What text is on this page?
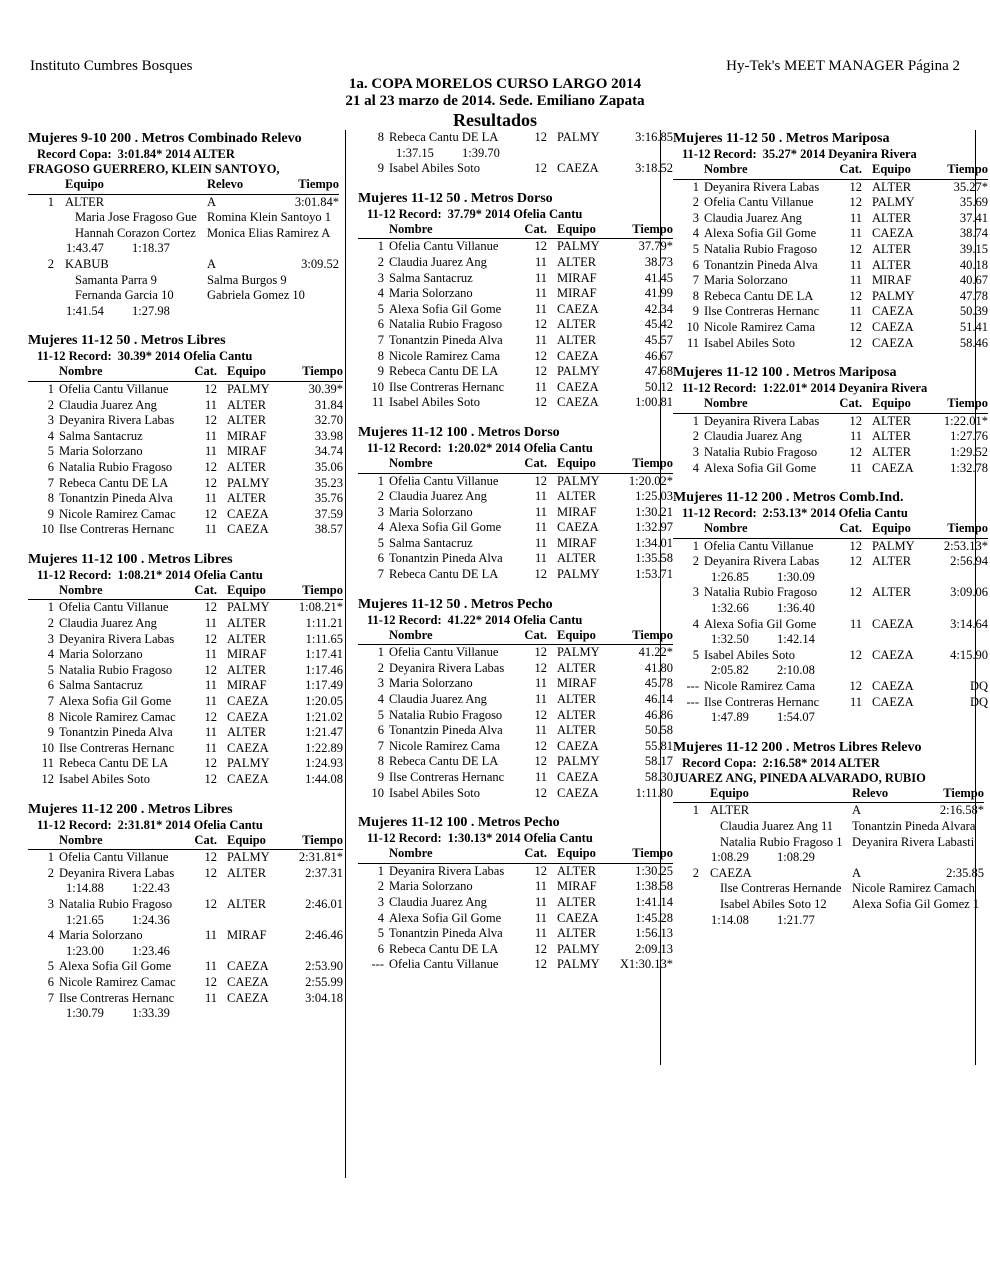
Instituto Cumbres Bosques	Hy-Tek's MEET MANAGER Página 2
1a. COPA MORELOS CURSO LARGO 2014
21 al 23 marzo de 2014. Sede. Emiliano Zapata
Resultados
Mujeres 9-10 200 . Metros Combinado Relevo
Record Copa: 3:01.84* 2014 ALTER
FRAGOSO GUERRERO, KLEIN SANTOYO,
	Equipo	Relevo	Tiempo
1	ALTER	A	3:01.84*
	Maria Jose Fragoso Gue	Romina Klein Santoyo 1	
	Hannah Corazon Cortez	Monica Elias Ramirez A	
1:43.47 1:18.37			
2	KABUB	A	3:09.52
	Samanta Parra 9	Salma Burgos 9	
	Fernanda Garcia 10	Gabriela Gomez 10	
1:41.54 1:27.98			
Mujeres 11-12 50 . Metros Libres
11-12 Record: 30.39* 2014 Ofelia Cantu
	Nombre	Cat.	Equipo	Tiempo
1	Ofelia Cantu Villanue	12	PALMY	30.39*
2	Claudia Juarez Ang	11	ALTER	31.84
3	Deyanira Rivera Labas	12	ALTER	32.70
4	Salma Santacruz	11	MIRAF	33.98
5	Maria Solorzano	11	MIRAF	34.74
6	Natalia Rubio Fragoso	12	ALTER	35.06
7	Rebeca Cantu DE LA	12	PALMY	35.23
8	Tonantzin Pineda Alva	11	ALTER	35.76
9	Nicole Ramirez Camac	12	CAEZA	37.59
10	Ilse Contreras Hernanc	11	CAEZA	38.57
Mujeres 11-12 100 . Metros Libres
11-12 Record: 1:08.21* 2014 Ofelia Cantu
	Nombre	Cat.	Equipo	Tiempo
1	Ofelia Cantu Villanue	12	PALMY	1:08.21*
2	Claudia Juarez Ang	11	ALTER	1:11.21
3	Deyanira Rivera Labas	12	ALTER	1:11.65
4	Maria Solorzano	11	MIRAF	1:17.41
5	Natalia Rubio Fragoso	12	ALTER	1:17.46
6	Salma Santacruz	11	MIRAF	1:17.49
7	Alexa Sofia Gil Gome	11	CAEZA	1:20.05
8	Nicole Ramirez Camac	12	CAEZA	1:21.02
9	Tonantzin Pineda Alva	11	ALTER	1:21.47
10	Ilse Contreras Hernanc	11	CAEZA	1:22.89
11	Rebeca Cantu DE LA	12	PALMY	1:24.93
12	Isabel Abiles Soto	12	CAEZA	1:44.08
Mujeres 11-12 200 . Metros Libres
11-12 Record: 2:31.81* 2014 Ofelia Cantu
	Nombre	Cat.	Equipo	Tiempo
1	Ofelia Cantu Villanue	12	PALMY	2:31.81*
2	Deyanira Rivera Labas	12	ALTER	2:37.31
1:14.88 1:22.43				
3	Natalia Rubio Fragoso	12	ALTER	2:46.01
1:21.65 1:24.36				
4	Maria Solorzano	11	MIRAF	2:46.46
1:23.00 1:23.46				
5	Alexa Sofia Gil Gome	11	CAEZA	2:53.90
6	Nicole Ramirez Camac	12	CAEZA	2:55.99
7	Ilse Contreras Hernanc	11	CAEZA	3:04.18
1:30.79 1:33.39				
8	Rebeca Cantu DE LA	12	PALMY	3:16.85
1:37.15 1:39.70				
9	Isabel Abiles Soto	12	CAEZA	3:18.52
Mujeres 11-12 50 . Metros Dorso
11-12 Record: 37.79* 2014 Ofelia Cantu
	Nombre	Cat.	Equipo	Tiempo
1	Ofelia Cantu Villanue	12	PALMY	37.79*
2	Claudia Juarez Ang	11	ALTER	38.73
3	Salma Santacruz	11	MIRAF	41.45
4	Maria Solorzano	11	MIRAF	41.99
5	Alexa Sofia Gil Gome	11	CAEZA	42.34
6	Natalia Rubio Fragoso	12	ALTER	45.42
7	Tonantzin Pineda Alva	11	ALTER	45.57
8	Nicole Ramirez Cama	12	CAEZA	46.67
9	Rebeca Cantu DE LA	12	PALMY	47.68
10	Ilse Contreras Hernanc	11	CAEZA	50.12
11	Isabel Abiles Soto	12	CAEZA	1:00.81
Mujeres 11-12 100 . Metros Dorso
11-12 Record: 1:20.02* 2014 Ofelia Cantu
	Nombre	Cat.	Equipo	Tiempo
1	Ofelia Cantu Villanue	12	PALMY	1:20.02*
2	Claudia Juarez Ang	11	ALTER	1:25.03
3	Maria Solorzano	11	MIRAF	1:30.21
4	Alexa Sofia Gil Gome	11	CAEZA	1:32.97
5	Salma Santacruz	11	MIRAF	1:34.01
6	Tonantzin Pineda Alva	11	ALTER	1:35.58
7	Rebeca Cantu DE LA	12	PALMY	1:53.71
Mujeres 11-12 50 . Metros Pecho
11-12 Record: 41.22* 2014 Ofelia Cantu
	Nombre	Cat.	Equipo	Tiempo
1	Ofelia Cantu Villanue	12	PALMY	41.22*
2	Deyanira Rivera Labas	12	ALTER	41.80
3	Maria Solorzano	11	MIRAF	45.78
4	Claudia Juarez Ang	11	ALTER	46.14
5	Natalia Rubio Fragoso	12	ALTER	46.86
6	Tonantzin Pineda Alva	11	ALTER	50.58
7	Nicole Ramirez Cama	12	CAEZA	55.81
8	Rebeca Cantu DE LA	12	PALMY	58.17
9	Ilse Contreras Hernanc	11	CAEZA	58.30
10	Isabel Abiles Soto	12	CAEZA	1:11.80
Mujeres 11-12 100 . Metros Pecho
11-12 Record: 1:30.13* 2014 Ofelia Cantu
	Nombre	Cat.	Equipo	Tiempo
1	Deyanira Rivera Labas	12	ALTER	1:30.25
2	Maria Solorzano	11	MIRAF	1:38.58
3	Claudia Juarez Ang	11	ALTER	1:41.14
4	Alexa Sofia Gil Gome	11	CAEZA	1:45.28
5	Tonantzin Pineda Alva	11	ALTER	1:56.13
6	Rebeca Cantu DE LA	12	PALMY	2:09.13
---	Ofelia Cantu Villanue	12	PALMY	X1:30.13*
Mujeres 11-12 50 . Metros Mariposa
11-12 Record: 35.27* 2014 Deyanira Rivera
	Nombre	Cat.	Equipo	Tiempo
1	Deyanira Rivera Labas	12	ALTER	35.27*
2	Ofelia Cantu Villanue	12	PALMY	35.69
3	Claudia Juarez Ang	11	ALTER	37.41
4	Alexa Sofia Gil Gome	11	CAEZA	38.74
5	Natalia Rubio Fragoso	12	ALTER	39.15
6	Tonantzin Pineda Alva	11	ALTER	40.18
7	Maria Solorzano	11	MIRAF	40.67
8	Rebeca Cantu DE LA	12	PALMY	47.78
9	Ilse Contreras Hernanc	11	CAEZA	50.39
10	Nicole Ramirez Cama	12	CAEZA	51.41
11	Isabel Abiles Soto	12	CAEZA	58.46
Mujeres 11-12 100 . Metros Mariposa
11-12 Record: 1:22.01* 2014 Deyanira Rivera
	Nombre	Cat.	Equipo	Tiempo
1	Deyanira Rivera Labas	12	ALTER	1:22.01*
2	Claudia Juarez Ang	11	ALTER	1:27.76
3	Natalia Rubio Fragoso	12	ALTER	1:29.52
4	Alexa Sofia Gil Gome	11	CAEZA	1:32.78
Mujeres 11-12 200 . Metros Comb.Ind.
11-12 Record: 2:53.13* 2014 Ofelia Cantu
	Nombre	Cat.	Equipo	Tiempo
1	Ofelia Cantu Villanue	12	PALMY	2:53.13*
2	Deyanira Rivera Labas	12	ALTER	2:56.94
1:26.85 1:30.09				
3	Natalia Rubio Fragoso	12	ALTER	3:09.06
1:32.66 1:36.40				
4	Alexa Sofia Gil Gome	11	CAEZA	3:14.64
1:32.50 1:42.14				
5	Isabel Abiles Soto	12	CAEZA	4:15.90
2:05.82 2:10.08				
---	Nicole Ramirez Cama	12	CAEZA	DQ
---	Ilse Contreras Hernanc	11	CAEZA	DQ
1:47.89 1:54.07				
Mujeres 11-12 200 . Metros Libres Relevo
Record Copa: 2:16.58* 2014 ALTER
JUAREZ ANG, PINEDA ALVARADO, RUBIO
	Equipo	Relevo	Tiempo
1	ALTER	A	2:16.58*
	Claudia Juarez Ang 11	Tonantzin Pineda Alvara	
	Natalia Rubio Fragoso 1	Deyanira Rivera Labasti	
1:08.29 1:08.29			
2	CAEZA	A	2:35.85
	Ilse Contreras Hernande	Nicole Ramirez Camach	
	Isabel Abiles Soto 12	Alexa Sofia Gil Gomez 1	
1:14.08 1:21.77			
